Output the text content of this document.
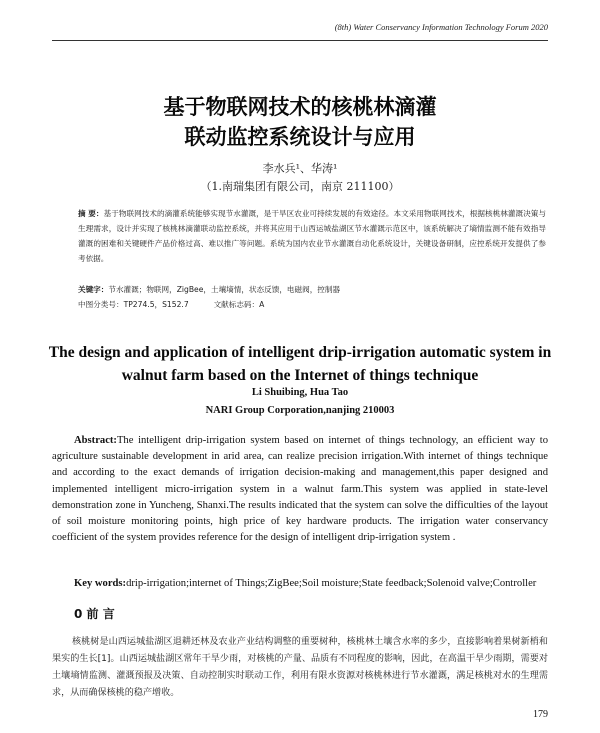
(8th) Water Conservancy Information Technology Forum 2020
基于物联网技术的核桃林滴灌
联动监控系统设计与应用
李水兵¹、华涛¹
（1.南瑞集团有限公司，南京 211100）
摘 要：基于物联网技术的滴灌系统能够实现节水灌溉，是干旱区农业可持续发展的有效途径。本文采用物联网技术，根据核桃林灌溉决策与生理需求，设计并实现了核桃林滴灌联动监控系统，并将其应用于山西运城盐湖区节水灌溉示范区中，该系统解决了墒情监测不能有效指导灌溉的困难和关键硬件产品价格过高、难以推广等问题。系统为国内农业节水灌溉自动化系统设计，关键设备研制，应控系统开发提供了参考依据。
关键字：节水灌溉；物联网，ZigBee，土壤墒情，状态反馈，电磁阀，控制器
中图分类号：TP274.5，S152.7	文献标志码：A
The design and application of intelligent drip-irrigation automatic system in
walnut farm based on the Internet of things technique
Li Shuibing, Hua Tao
NARI Group Corporation,nanjing 210003
Abstract:The intelligent drip-irrigation system based on internet of things technology, an efficient way to agriculture sustainable development in arid area, can realize precision irrigation.With internet of things technique and according to the exact demands of irrigation decision-making and management,this paper designed and implemented intelligent micro-irrigation system in a walnut farm.This system was applied in state-level demonstration zone in Yuncheng, Shanxi.The results indicated that the system can solve the difficulties of the layout of soil moisture monitoring points, high price of key hardware products. The irrigation water conservancy coefficient of the system provides reference for the design of intelligent drip-irrigation system .
Key words:drip-irrigation;internet of Things;ZigBee;Soil moisture;State feedback;Solenoid valve;Controller
0 前 言
核桃树是山西运城盐湖区退耕还林及农业产业结构调整的重要树种，核桃林土壤含水率的多少，直接影响着果树新梢和果实的生长[1]。山西运城盐湖区常年干旱少雨，对核桃的产量、品质有不同程度的影响，因此，在高温干旱少雨期，需要对土壤墒情监测、灌溉预报及决策、自动控制实时联动工作，利用有限水资源对核桃林进行节水灌溉，满足核桃对水的生理需求，从而确保核桃的稳产增收。
179
